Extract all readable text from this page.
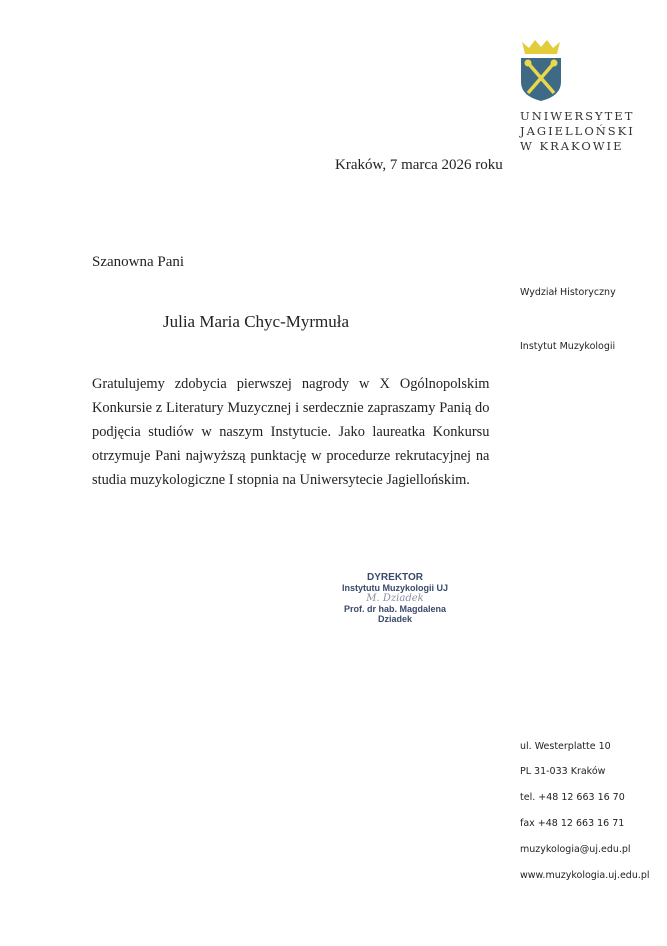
UNIWERSYTET
JAGIELLOŃSKI
W KRAKOWIE
Kraków, 7 marca 2026 roku
Szanowna Pani
Julia Maria Chyc-Myrmuła
Gratulujemy zdobycia pierwszej nagrody w X Ogólnopolskim Konkursie z Literatury Muzycznej i serdecznie zapraszamy Panią do podjęcia studiów w naszym Instytucie. Jako laureatka Konkursu otrzymuje Pani najwyższą punktację w procedurze rekrutacyjnej na studia muzykologiczne I stopnia na Uniwersytecie Jagiellońskim.
Wydział Historyczny
Instytut Muzykologii
DYREKTOR
Instytutu Muzykologii UJ
M. Dziadek
Prof. dr hab. Magdalena Dziadek
ul. Westerplatte 10
PL 31-033 Kraków
tel. +48 12 663 16 70
fax +48 12 663 16 71
muzykologia@uj.edu.pl
www.muzykologia.uj.edu.pl
